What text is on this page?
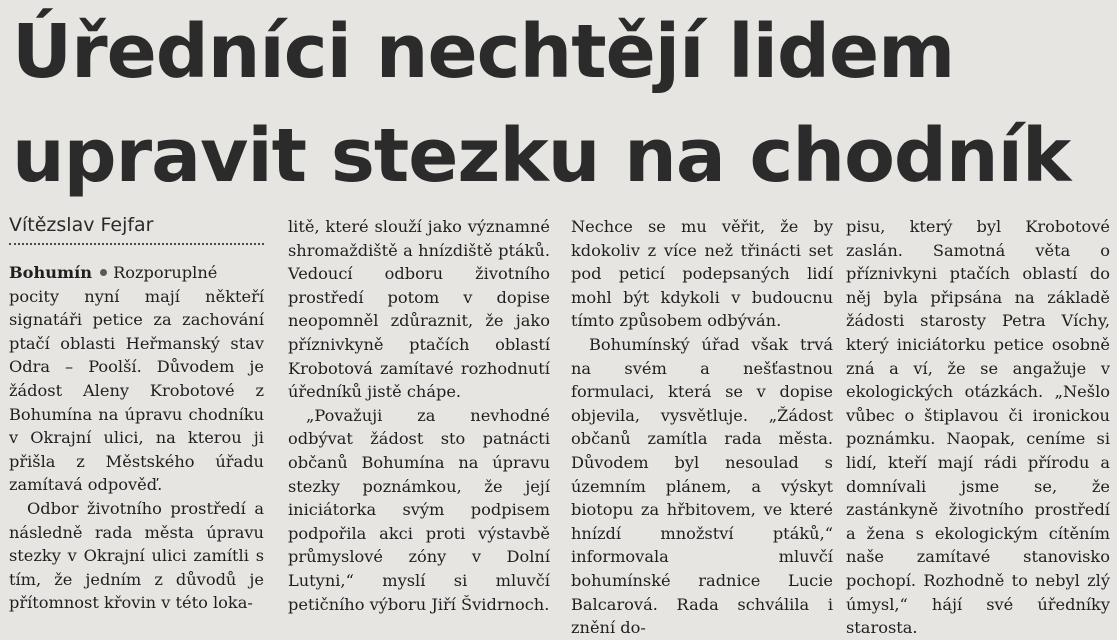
Úředníci nechtějí lidem
upravit stezku na chodník
Vítězslav Fejfar

Bohumín Rozporuplné pocity nyní mají někteří signatáři petice za zachování ptačí oblasti Heřmanský stav Odra – Poolší. Důvodem je žádost Aleny Krobotové z Bohumína na úpravu chodníku v Okrajní ulici, na kterou ji přišla z Městského úřadu zamítavá odpověď.

Odbor životního prostředí a následně rada města úpravu stezky v Okrajní ulici zamítli s tím, že jedním z důvodů je přítomnost křovin v této loka-

litě, které slouží jako významné shromaždiště a hnízdiště ptáků. Vedoucí odboru životního prostředí potom v dopise neopomněl zdůraznit, že jako příznivkyně ptačích oblastí Krobotová zamítavé rozhodnutí úředníků jistě chápe.

„Považuji za nevhodné odbývat žádost sto patnácti občanů Bohumína na úpravu stezky poznámkou, že její iniciátorka svým podpisem podpořila akci proti výstavbě průmyslové zóny v Dolní Lutyni,“ myslí si mluvčí petičního výboru Jiří Švidrnoch.

Nechce se mu věřit, že by kdokoliv z více než třinácti set pod peticí podepsaných lidí mohl být kdykoli v budoucnu tímto způsobem odbýván.

Bohumínský úřad však trvá na svém a nešťastnou formulaci, která se v dopise objevila, vysvětluje. „Žádost občanů zamítla rada města. Důvodem byl nesoulad s územním plánem, a výskyt biotopu za hřbitovem, ve které hnízdí množství ptáků,“ informovala mluvčí bohumínské radnice Lucie Balcarová. Rada schválila i znění do-

pisu, který byl Krobotové zaslán. Samotná věta o příznivkyni ptačích oblastí do něj byla připsána na základě žádosti starosty Petra Víchy, který iniciátorku petice osobně zná a ví, že se angažuje v ekologických otázkách. „Nešlo vůbec o štiplavou či ironickou poznámku. Naopak, ceníme si lidí, kteří mají rádi přírodu a domnívali jsme se, že zastánkyně životního prostředí a žena s ekologickým cítěním naše zamítavé stanovisko pochopí. Rozhodně to nebyl zlý úmysl,“ hájí své úředníky starosta.
